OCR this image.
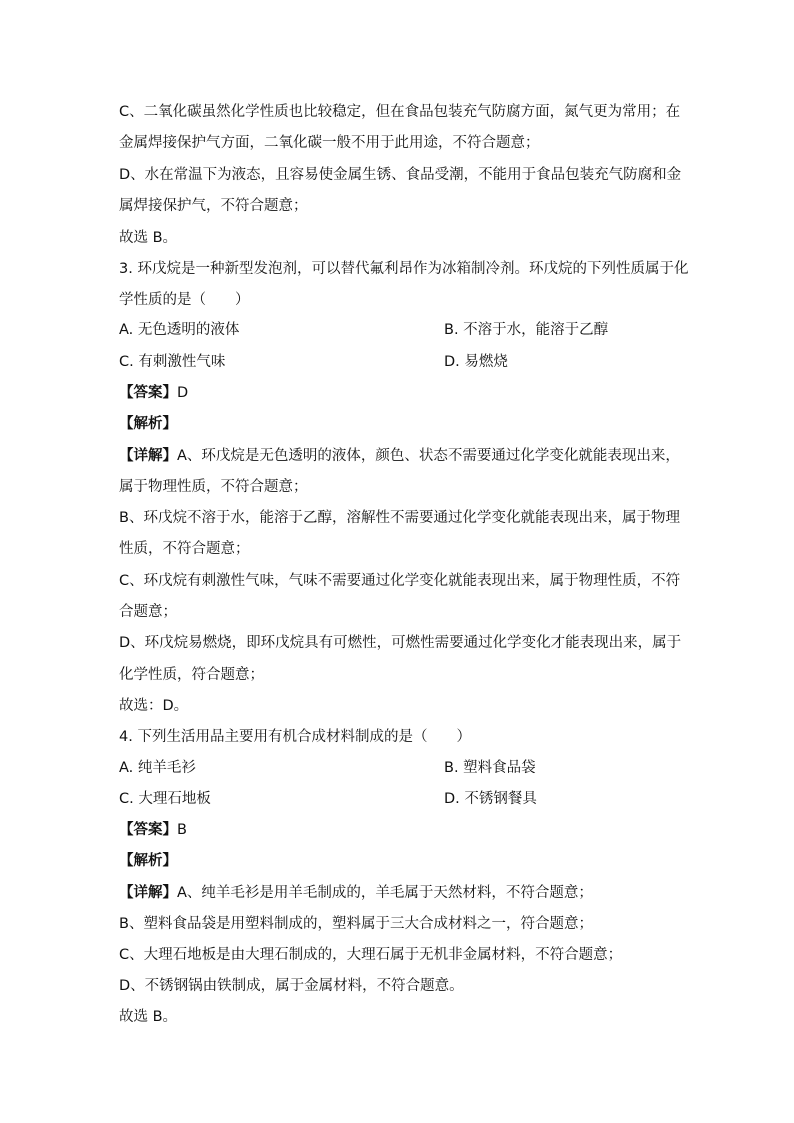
C、二氧化碳虽然化学性质也比较稳定，但在食品包装充气防腐方面，氮气更为常用；在
金属焊接保护气方面，二氧化碳一般不用于此用途，不符合题意；
D、水在常温下为液态，且容易使金属生锈、食品受潮，不能用于食品包装充气防腐和金
属焊接保护气，不符合题意；
故选 B。
3. 环戊烷是一种新型发泡剂，可以替代氟利昂作为冰箱制冷剂。环戊烷的下列性质属于化
学性质的是（　　）
A. 无色透明的液体	B. 不溶于水，能溶于乙醇
C. 有刺激性气味	D. 易燃烧
【答案】D
【解析】
【详解】A、环戊烷是无色透明的液体，颜色、状态不需要通过化学变化就能表现出来，
属于物理性质，不符合题意；
B、环戊烷不溶于水，能溶于乙醇，溶解性不需要通过化学变化就能表现出来，属于物理
性质，不符合题意；
C、环戊烷有刺激性气味，气味不需要通过化学变化就能表现出来，属于物理性质，不符
合题意；
D、环戊烷易燃烧，即环戊烷具有可燃性，可燃性需要通过化学变化才能表现出来，属于
化学性质，符合题意；
故选：D。
4. 下列生活用品主要用有机合成材料制成的是（　　）
A. 纯羊毛衫	B. 塑料食品袋
C. 大理石地板	D. 不锈钢餐具
【答案】B
【解析】
【详解】A、纯羊毛衫是用羊毛制成的，羊毛属于天然材料，不符合题意；
B、塑料食品袋是用塑料制成的，塑料属于三大合成材料之一，符合题意；
C、大理石地板是由大理石制成的，大理石属于无机非金属材料，不符合题意；
D、不锈钢锅由铁制成，属于金属材料，不符合题意。
故选 B。
